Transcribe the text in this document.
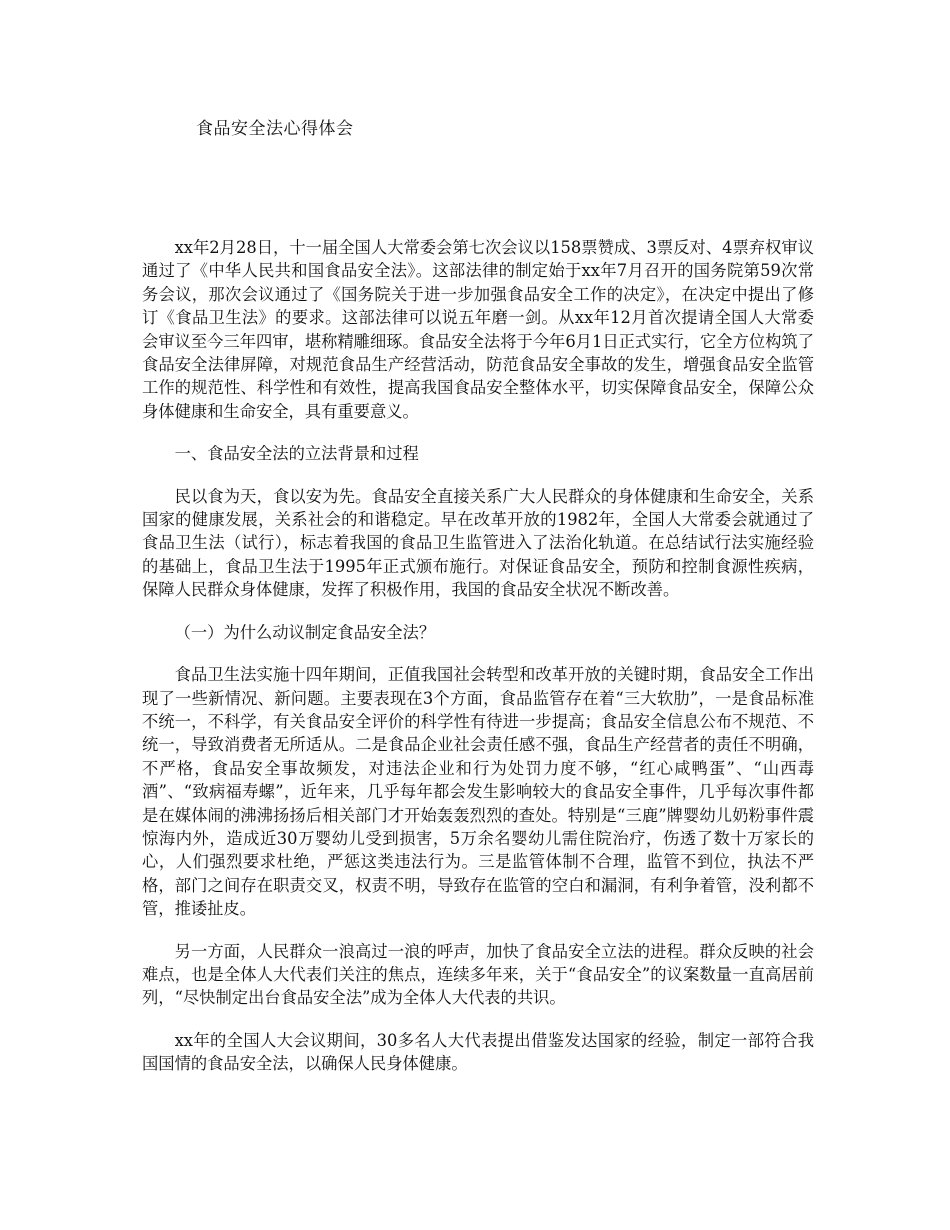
食品安全法心得体会

xx年2月28日，十一届全国人大常委会第七次会议以158票赞成、3票反对、4票弃权审议通过了《中华人民共和国食品安全法》。这部法律的制定始于xx年7月召开的国务院第59次常务会议，那次会议通过了《国务院关于进一步加强食品安全工作的决定》，在决定中提出了修订《食品卫生法》的要求。这部法律可以说五年磨一剑。从xx年12月首次提请全国人大常委会审议至今三年四审，堪称精雕细琢。食品安全法将于今年6月1日正式实行，它全方位构筑了食品安全法律屏障，对规范食品生产经营活动，防范食品安全事故的发生，增强食品安全监管工作的规范性、科学性和有效性，提高我国食品安全整体水平，切实保障食品安全，保障公众身体健康和生命安全，具有重要意义。

一、食品安全法的立法背景和过程

民以食为天，食以安为先。食品安全直接关系广大人民群众的身体健康和生命安全，关系国家的健康发展，关系社会的和谐稳定。早在改革开放的1982年，全国人大常委会就通过了食品卫生法（试行），标志着我国的食品卫生监管进入了法治化轨道。在总结试行法实施经验的基础上，食品卫生法于1995年正式颁布施行。对保证食品安全，预防和控制食源性疾病，保障人民群众身体健康，发挥了积极作用，我国的食品安全状况不断改善。

（一）为什么动议制定食品安全法？

食品卫生法实施十四年期间，正值我国社会转型和改革开放的关键时期，食品安全工作出现了一些新情况、新问题。主要表现在3个方面，食品监管存在着“三大软肋”，一是食品标准不统一，不科学，有关食品安全评价的科学性有待进一步提高；食品安全信息公布不规范、不统一，导致消费者无所适从。二是食品企业社会责任感不强，食品生产经营者的责任不明确，不严格，食品安全事故频发，对违法企业和行为处罚力度不够，“红心咸鸭蛋”、“山西毒酒”、“致病福寿螺”，近年来，几乎每年都会发生影响较大的食品安全事件，几乎每次事件都是在媒体闹的沸沸扬扬后相关部门才开始轰轰烈烈的查处。特别是“三鹿”牌婴幼儿奶粉事件震惊海内外，造成近30万婴幼儿受到损害，5万余名婴幼儿需住院治疗，伤透了数十万家长的心，人们强烈要求杜绝，严惩这类违法行为。三是监管体制不合理，监管不到位，执法不严格，部门之间存在职责交叉，权责不明，导致存在监管的空白和漏洞，有利争着管，没利都不管，推诿扯皮。

另一方面，人民群众一浪高过一浪的呼声，加快了食品安全立法的进程。群众反映的社会难点，也是全体人大代表们关注的焦点，连续多年来，关于“食品安全”的议案数量一直高居前列，“尽快制定出台食品安全法”成为全体人大代表的共识。

xx年的全国人大会议期间，30多名人大代表提出借鉴发达国家的经验，制定一部符合我国国情的食品安全法，以确保人民身体健康。
